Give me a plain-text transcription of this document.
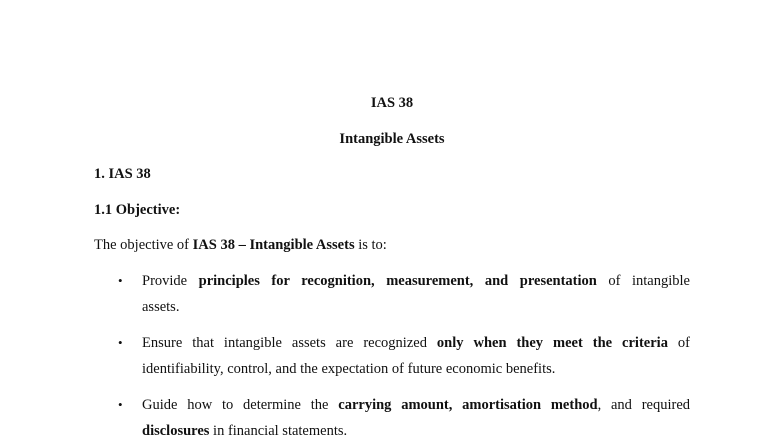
IAS 38
Intangible Assets
1. IAS 38
1.1 Objective:
The objective of IAS 38 – Intangible Assets is to:
• Provide principles for recognition, measurement, and presentation of intangible
assets.
• Ensure that intangible assets are recognized only when they meet the criteria of
identifiability, control, and the expectation of future economic benefits.
• Guide how to determine the carrying amount, amortisation method, and required
disclosures in financial statements.
